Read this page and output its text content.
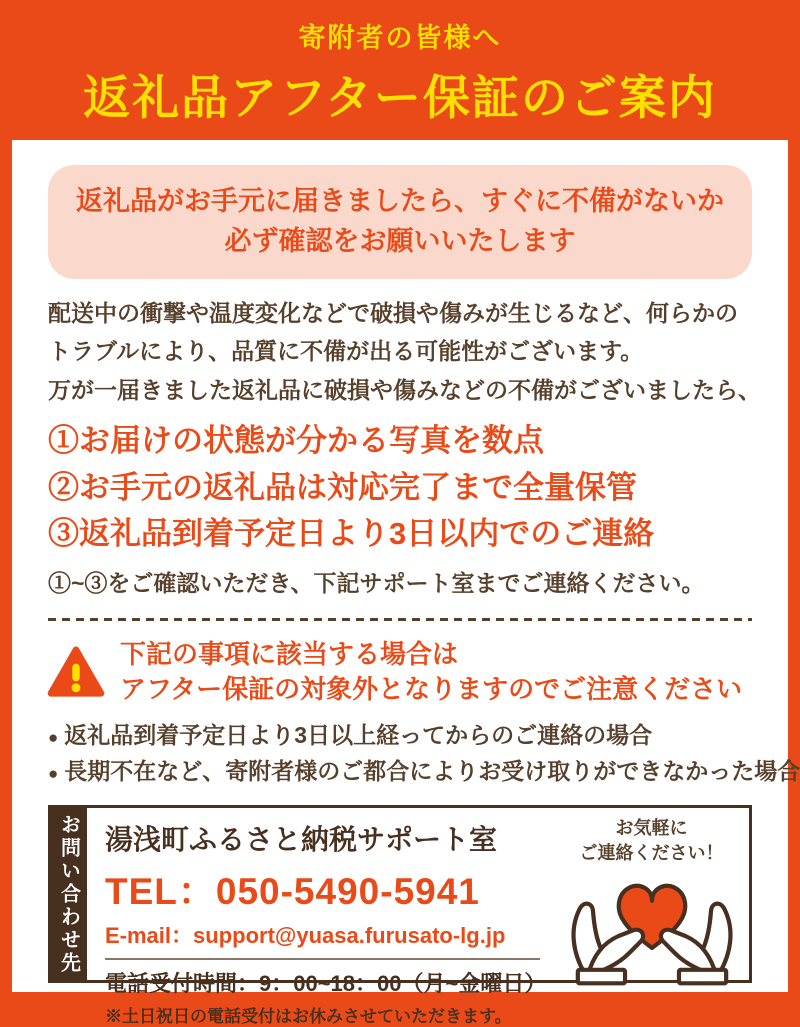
寄附者の皆様へ
返礼品アフター保証のご案内
返礼品がお手元に届きましたら、すぐに不備がないか
必ず確認をお願いいたします
配送中の衝撃や温度変化などで破損や傷みが生じるなど、何らかの
トラブルにより、品質に不備が出る可能性がございます。
万が一届きました返礼品に破損や傷みなどの不備がございましたら、
①お届けの状態が分かる写真を数点
②お手元の返礼品は対応完了まで全量保管
③返礼品到着予定日より3日以内でのご連絡
①~③をご確認いただき、下記サポート室までご連絡ください。
下記の事項に該当する場合は
アフター保証の対象外となりますのでご注意ください
● 返礼品到着予定日より3日以上経ってからのご連絡の場合
● 長期不在など、寄附者様のご都合によりお受け取りができなかった場合
お問い合わせ先 湯浅町ふるさと納税サポート室
TEL：050-5490-5941
E-mail：support@yuasa.furusato-lg.jp
電話受付時間：9：00~18：00（月~金曜日）
※土日祝日の電話受付はお休みさせていただきます。
お気軽に
ご連絡ください！
